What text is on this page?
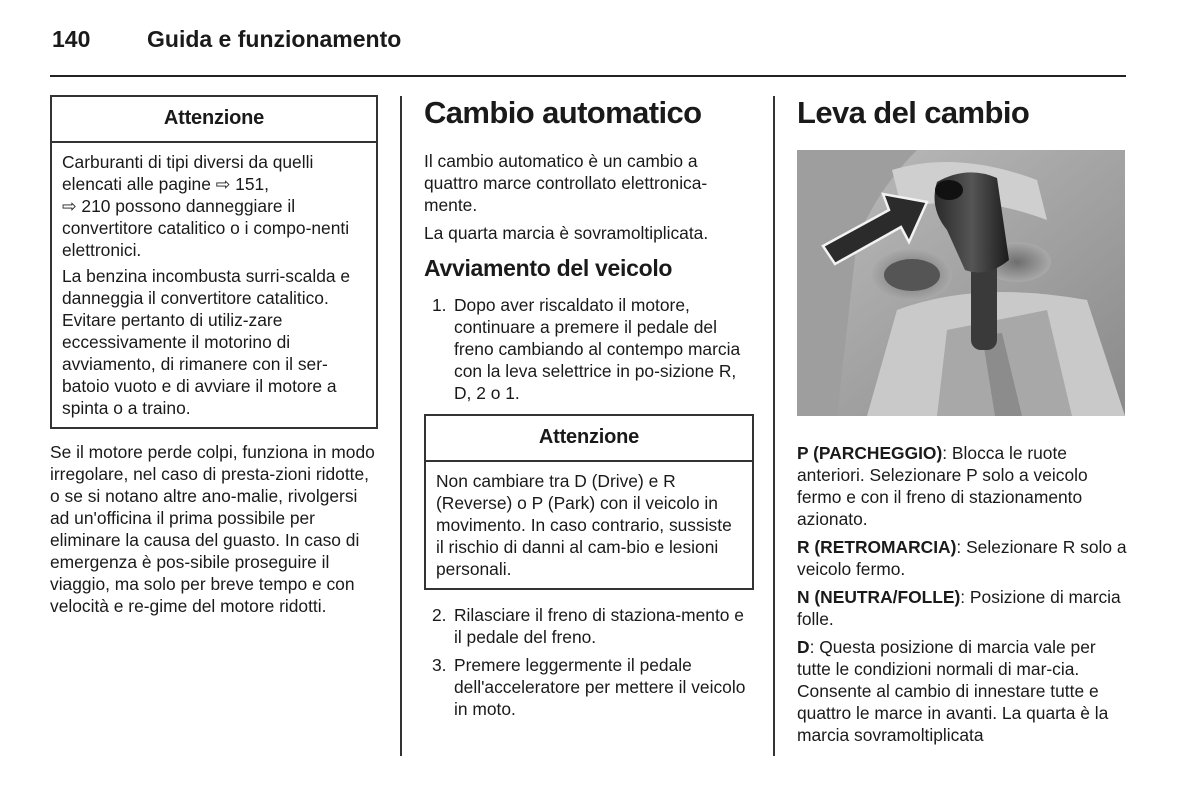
140 Guida e funzionamento
Attenzione

Carburanti di tipi diversi da quelli elencati alle pagine ⇨ 151,
⇨ 210 possono danneggiare il convertitore catalitico o i compo-nenti elettronici.

La benzina incombusta surri-scalda e danneggia il convertitore catalitico. Evitare pertanto di utiliz-zare eccessivamente il motorino di avviamento, di rimanere con il ser-batoio vuoto e di avviare il motore a spinta o a traino.

Se il motore perde colpi, funziona in modo irregolare, nel caso di presta-zioni ridotte, o se si notano altre ano-malie, rivolgersi ad un'officina il prima possibile per eliminare la causa del guasto. In caso di emergenza è pos-sibile proseguire il viaggio, ma solo per breve tempo e con velocità e re-gime del motore ridotti.

Cambio automatico

Il cambio automatico è un cambio a quattro marce controllato elettronica-mente.

La quarta marcia è sovramoltiplicata.

Avviamento del veicolo
1. Dopo aver riscaldato il motore, continuare a premere il pedale del freno cambiando al contempo marcia con la leva selettrice in po-sizione R, D, 2 o 1.
Attenzione

Non cambiare tra D (Drive) e R (Reverse) o P (Park) con il veicolo in movimento. In caso contrario, sussiste il rischio di danni al cam-bio e lesioni personali.

2. Rilasciare il freno di staziona-mento e il pedale del freno.
3. Premere leggermente il pedale dell'acceleratore per mettere il veicolo in moto.
Leva del cambio

P (PARCHEGGIO): Blocca le ruote anteriori. Selezionare P solo a veicolo fermo e con il freno di stazionamento azionato.

R (RETROMARCIA): Selezionare R solo a veicolo fermo.

N (NEUTRA/FOLLE): Posizione di marcia folle.

D: Questa posizione di marcia vale per tutte le condizioni normali di mar-cia. Consente al cambio di innestare tutte e quattro le marce in avanti. La quarta è la marcia sovramoltiplicata
